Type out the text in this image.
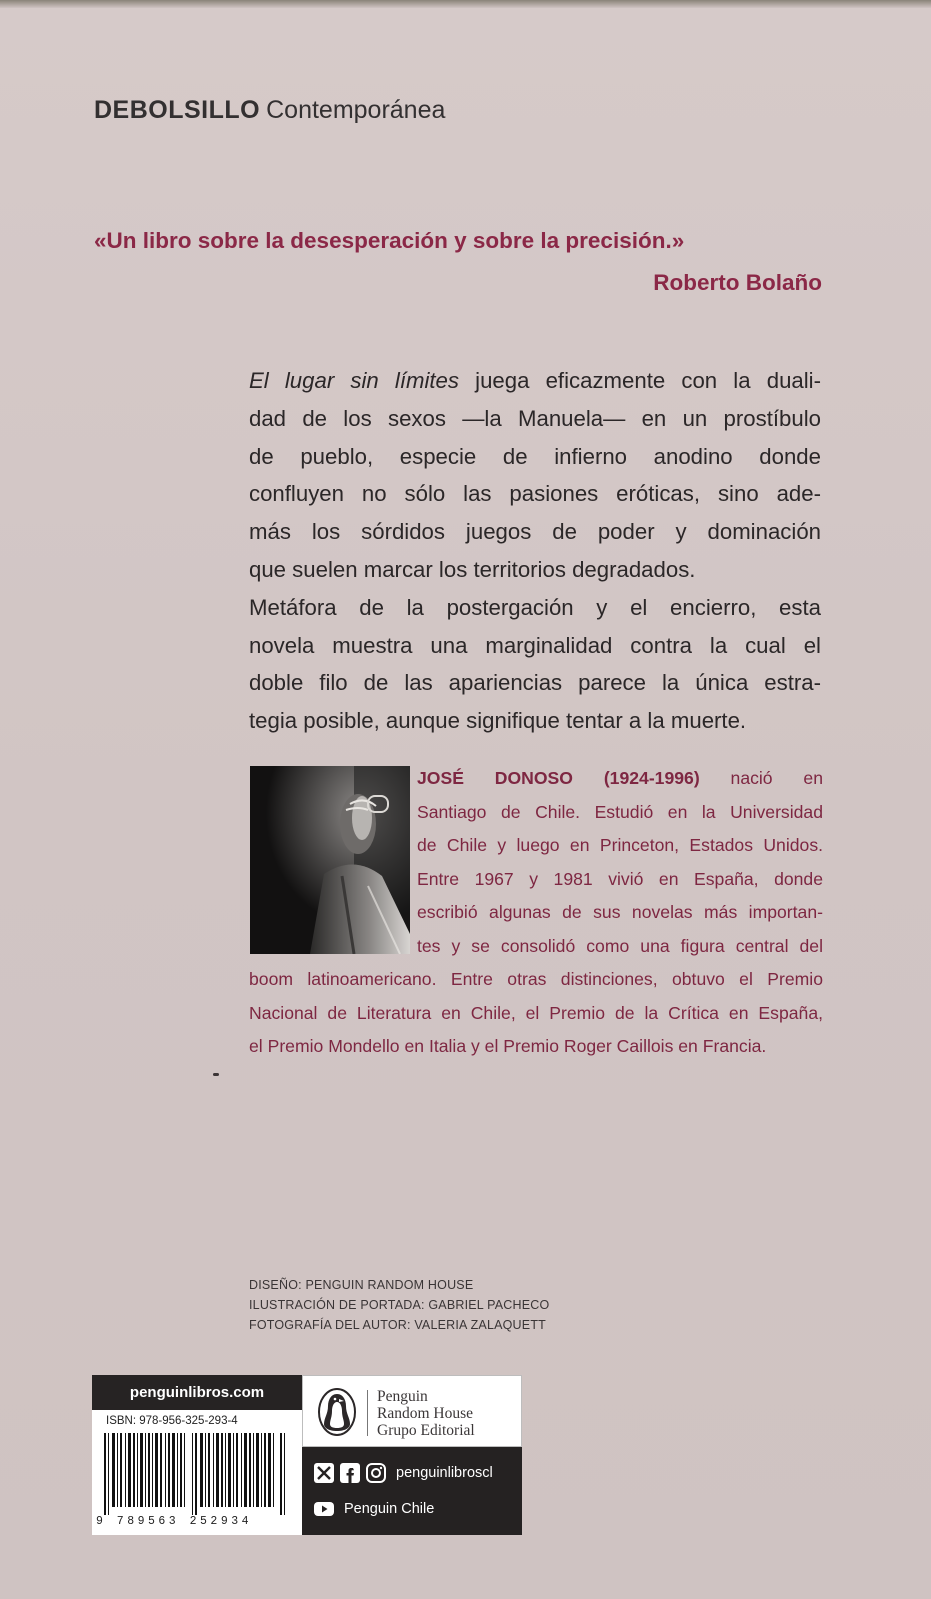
DEBOLSILLO Contemporánea
«Un libro sobre la desesperación y sobre la precisión.»
Roberto Bolaño
El lugar sin límites juega eficazmente con la duali-
dad de los sexos —la Manuela— en un prostíbulo
de pueblo, especie de infierno anodino donde
confluyen no sólo las pasiones eróticas, sino ade-
más los sórdidos juegos de poder y dominación
que suelen marcar los territorios degradados.
Metáfora de la postergación y el encierro, esta
novela muestra una marginalidad contra la cual el
doble filo de las apariencias parece la única estra-
tegia posible, aunque signifique tentar a la muerte.
JOSÉ DONOSO (1924-1996) nació en
Santiago de Chile. Estudió en la Universidad
de Chile y luego en Princeton, Estados Unidos.
Entre 1967 y 1981 vivió en España, donde
escribió algunas de sus novelas más importan-
tes y se consolidó como una figura central del
boom latinoamericano. Entre otras distinciones, obtuvo el Premio
Nacional de Literatura en Chile, el Premio de la Crítica en España,
el Premio Mondello en Italia y el Premio Roger Caillois en Francia.
DISEÑO: PENGUIN RANDOM HOUSE
ILUSTRACIÓN DE PORTADA: GABRIEL PACHECO
FOTOGRAFÍA DEL AUTOR: VALERIA ZALAQUETT
penguinlibros.com
ISBN: 978-956-325-293-4
9 789563 252934
Penguin
Random House
Grupo Editorial
penguinlibroscl
Penguin Chile
